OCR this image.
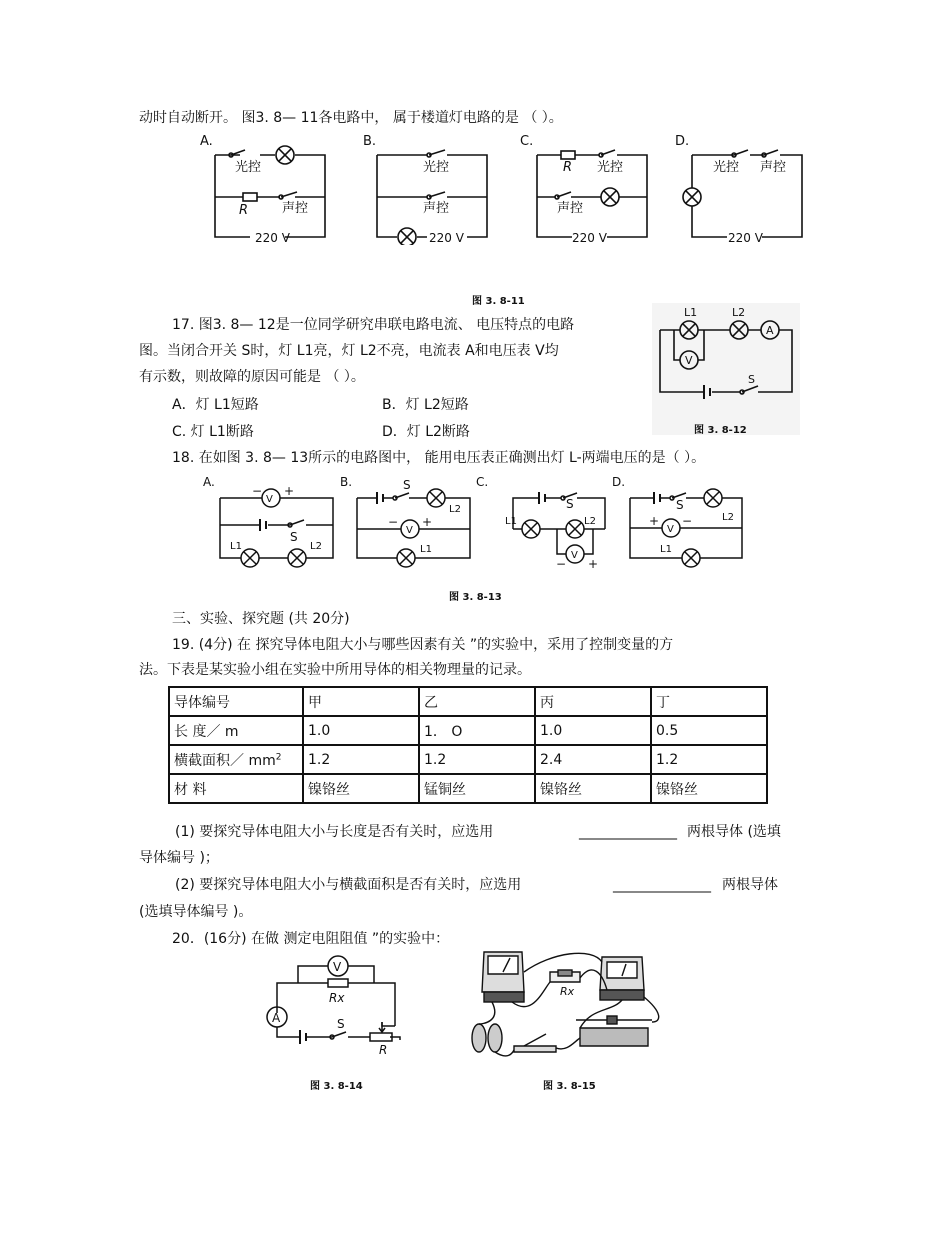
动时自动断开。 图3. 8— 11各电路中， 属于楼道灯电路的是 （ ）。
A.	B.	C.	D.
光控
R	声控
220 V
光控
声控
220 V
R 光控
声控
220 V
光控 声控
220 V
图 3. 8-11
17. 图3. 8— 12是一位同学研究串联电路电流、 电压特点的电路
图。当闭合开关 S时，灯 L1亮，灯 L2不亮，电流表 A和电压表 V均
有示数，则故障的原因可能是 （ ）。
A．灯 L1短路	B．灯 L2短路
C. 灯 L1断路	D．灯 L2断路
L1	L2
A
V
S
图 3. 8-12
18. 在如图 3. 8— 13所示的电路图中， 能用电压表正确测出灯 L-两端电压的是（ ）。
A.	B.	C.	D.
V
− +
S
L1	L2
S
L2
V
− +
L1
S
L1	L2
V
− +
S
L2
V
+ −
L1
图 3. 8-13
三、实验、探究题 (共 20分)
19. (4分) 在 探究导体电阻大小与哪些因素有关 ”的实验中，采用了控制变量的方
法。下表是某实验小组在实验中所用导体的相关物理量的记录。
导体编号	甲	乙	丙	丁
长 度／ m	1.0	1． O	1.0	0.5
横截面积／ $mm^2$	1.2	1.2	2.4	1.2
材 料	镍铬丝	锰铜丝	镍铬丝	镍铬丝
(1) 要探究导体电阻大小与长度是否有关时，应选用	______________ 两根导体 (选填
导体编号 )；
(2) 要探究导体电阻大小与横截面积是否有关时，应选用	______________ 两根导体
(选填导体编号 )。
20．(16分) 在做 测定电阻阻值 ”的实验中：
V
A
Rx
S
R
图 3. 8-14
Rx
图 3. 8-15
